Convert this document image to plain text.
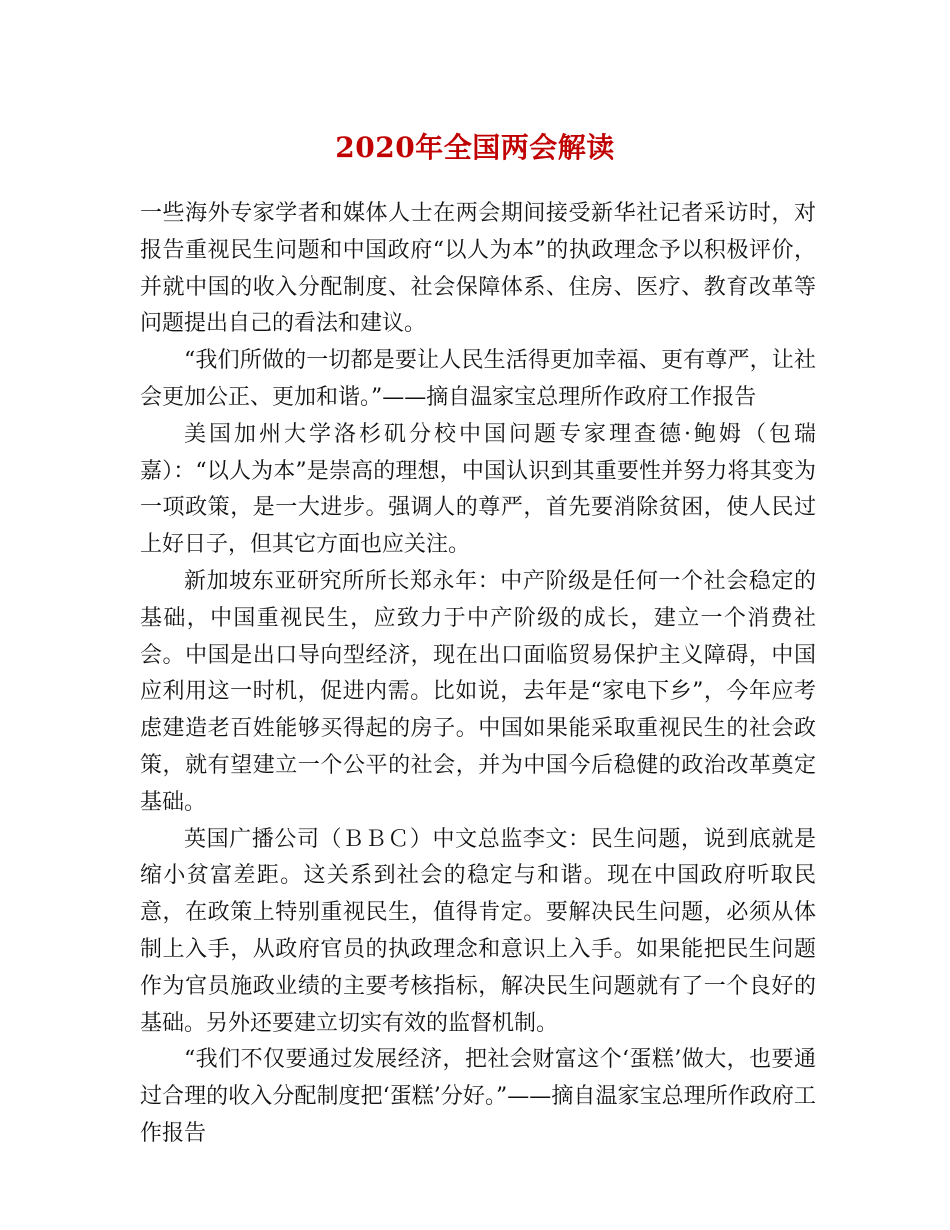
2020年全国两会解读

一些海外专家学者和媒体人士在两会期间接受新华社记者采访时，对报告重视民生问题和中国政府“以人为本”的执政理念予以积极评价，并就中国的收入分配制度、社会保障体系、住房、医疗、教育改革等问题提出自己的看法和建议。

“我们所做的一切都是要让人民生活得更加幸福、更有尊严，让社会更加公正、更加和谐。”——摘自温家宝总理所作政府工作报告

美国加州大学洛杉矶分校中国问题专家理查德·鲍姆（包瑞嘉）：“以人为本”是崇高的理想，中国认识到其重要性并努力将其变为一项政策，是一大进步。强调人的尊严，首先要消除贫困，使人民过上好日子，但其它方面也应关注。

新加坡东亚研究所所长郑永年：中产阶级是任何一个社会稳定的基础，中国重视民生，应致力于中产阶级的成长，建立一个消费社会。中国是出口导向型经济，现在出口面临贸易保护主义障碍，中国应利用这一时机，促进内需。比如说，去年是“家电下乡”，今年应考虑建造老百姓能够买得起的房子。中国如果能采取重视民生的社会政策，就有望建立一个公平的社会，并为中国今后稳健的政治改革奠定基础。

英国广播公司（ＢＢＣ）中文总监李文：民生问题，说到底就是缩小贫富差距。这关系到社会的稳定与和谐。现在中国政府听取民意，在政策上特别重视民生，值得肯定。要解决民生问题，必须从体制上入手，从政府官员的执政理念和意识上入手。如果能把民生问题作为官员施政业绩的主要考核指标，解决民生问题就有了一个良好的基础。另外还要建立切实有效的监督机制。

“我们不仅要通过发展经济，把社会财富这个‘蛋糕’做大，也要通过合理的收入分配制度把‘蛋糕’分好。”——摘自温家宝总理所作政府工作报告
